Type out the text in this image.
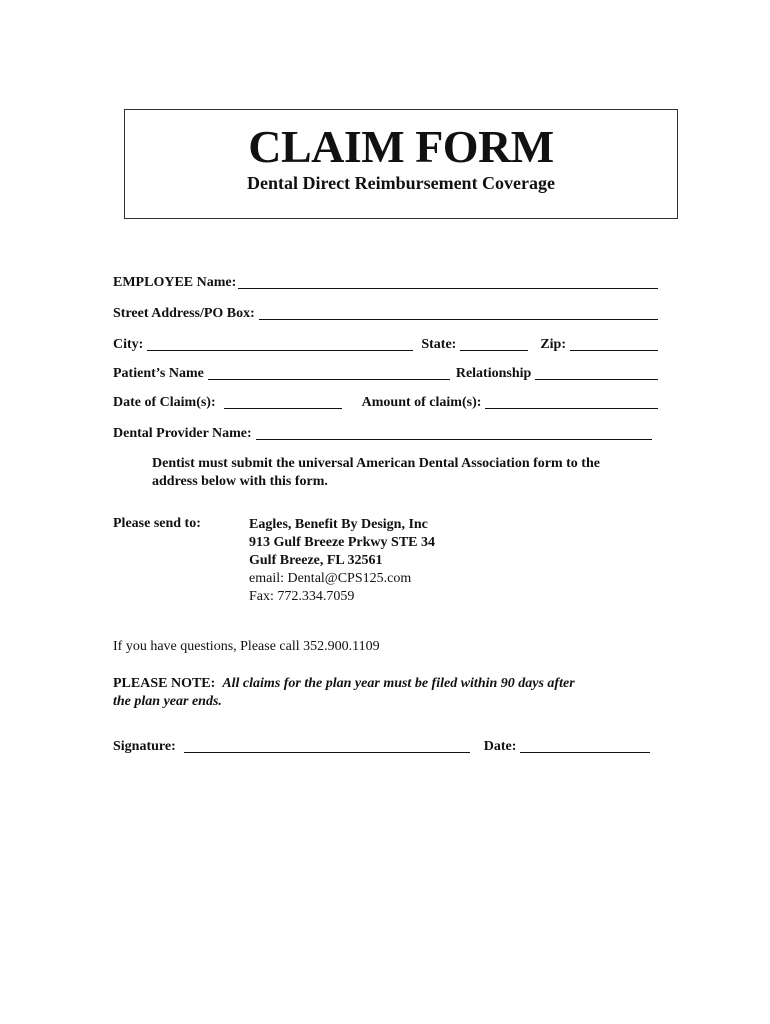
CLAIM FORM
Dental Direct Reimbursement Coverage
EMPLOYEE Name:
Street Address/PO Box:
City:	State:	Zip:
Patient’s Name	Relationship
Date of Claim(s):	Amount of claim(s):
Dental Provider Name:
Dentist must submit the universal American Dental Association form to the
address below with this form.
Please send to:	Eagles, Benefit By Design, Inc
913 Gulf Breeze Prkwy STE 34
Gulf Breeze, FL 32561
email: Dental@CPS125.com
Fax: 772.334.7059
If you have questions, Please call 352.900.1109
PLEASE NOTE: All claims for the plan year must be filed within 90 days after
the plan year ends.
Signature:	Date:
